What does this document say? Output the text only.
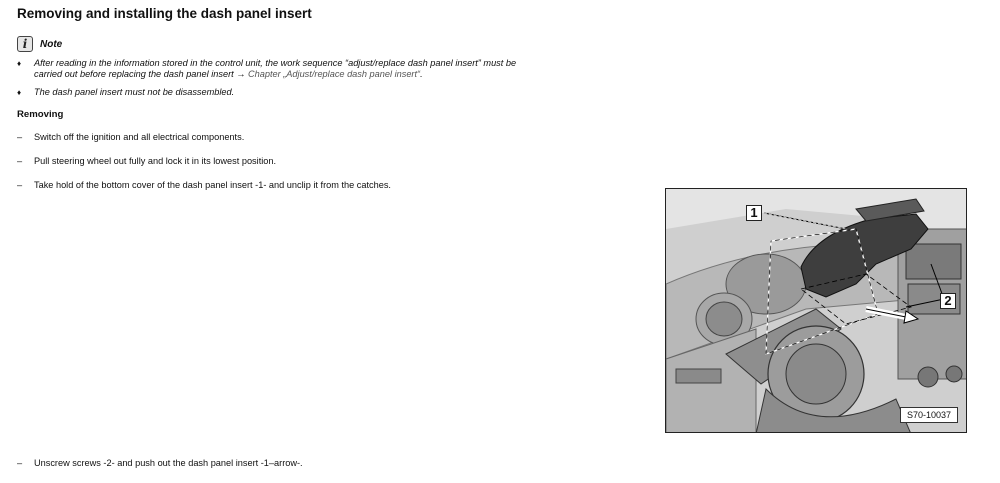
Removing and installing the dash panel insert
i Note
♦ After reading in the information stored in the control unit, the work sequence “adjust/replace dash panel insert” must be
carried out before replacing the dash panel insert → Chapter „Adjust/replace dash panel insert“.
♦ The dash panel insert must not be disassembled.
Removing
– Switch off the ignition and all electrical components.
– Pull steering wheel out fully and lock it in its lowest position.
– Take hold of the bottom cover of the dash panel insert -1- and unclip it from the catches.
– Unscrew screws -2- and push out the dash panel insert -1–arrow-.
1
2
S70-10037
